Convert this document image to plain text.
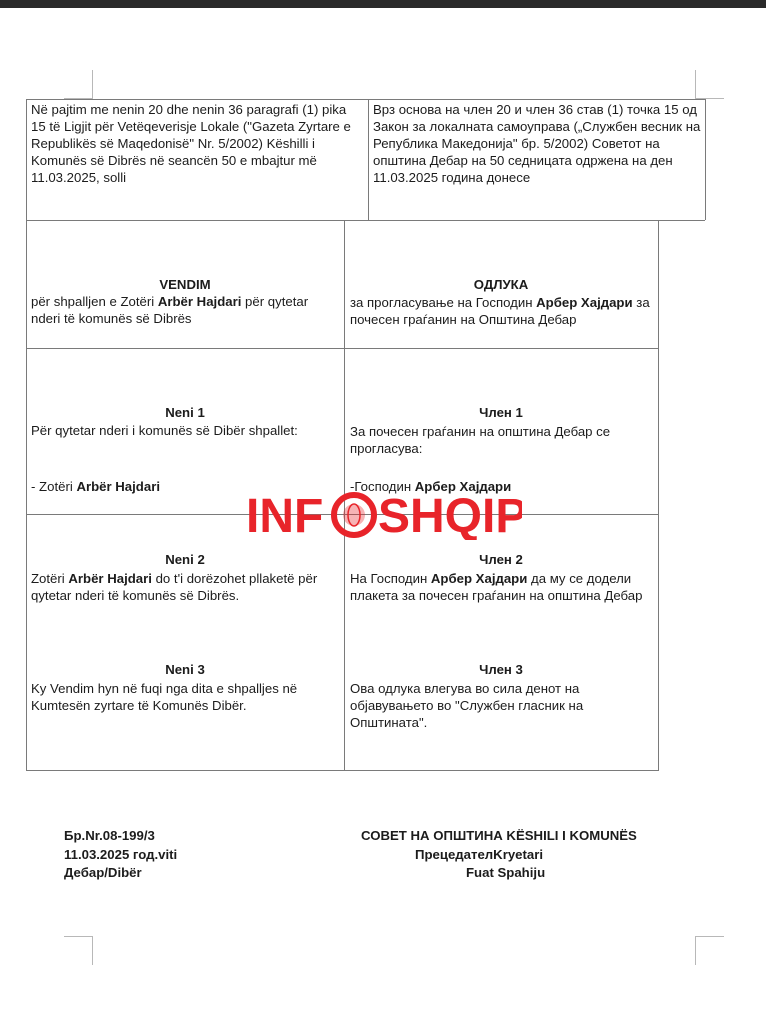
Në pajtim me nenin 20 dhe nenin 36 paragrafi (1) pika 15 të Ligjit për Vetëqeverisje Lokale ("Gazeta Zyrtare e Republikës së Maqedonisë" Nr. 5/2002) Këshilli i Komunës së Dibrës në seancën 50 e mbajtur më 11.03.2025, solli
Врз основа на член 20 и член 36 став (1) точка 15 од Закон за локалната самоуправа („Службен весник на Република Македонија" бр. 5/2002) Советот на општина Дебар на 50 седницата одржена на ден 11.03.2025 година донесе
VENDIM
për shpalljen e Zotëri Arbër Hajdari për qytetar nderi të komunës së Dibrës
ОДЛУКА
за прогласување на Господин Арбер Хајдари за почесен граѓанин на Општина Дебар
Neni 1
Për qytetar nderi i komunës së Dibër shpallet:
- Zotëri Arbër Hajdari
Член 1
За почесен граѓанин на општина Дебар се прогласува:
-Господин Арбер Хајдари
Neni 2
Zotëri Arbër Hajdari do t'i dorëzohet pllaketë për qytetar nderi të komunës së Dibrës.
Член 2
На Господин Арбер Хајдари да му се додели плакета за почесен граѓанин на општина Дебар
Neni 3
Ky Vendim hyn në fuqi nga dita e shpalljes në Kumtesën zyrtare të Komunës Dibër.
Член 3
Ова одлука влегува во сила денот на објавувањето во "Службен гласник на Општината".
INF SHQIP
Бр.Nr.08-199/3
11.03.2025 год.viti
Дебар/Dibër
СОВЕТ НА ОПШТИНА KËSHILI I KOMUNËS
ПрецедателKryetari
Fuat Spahiju
